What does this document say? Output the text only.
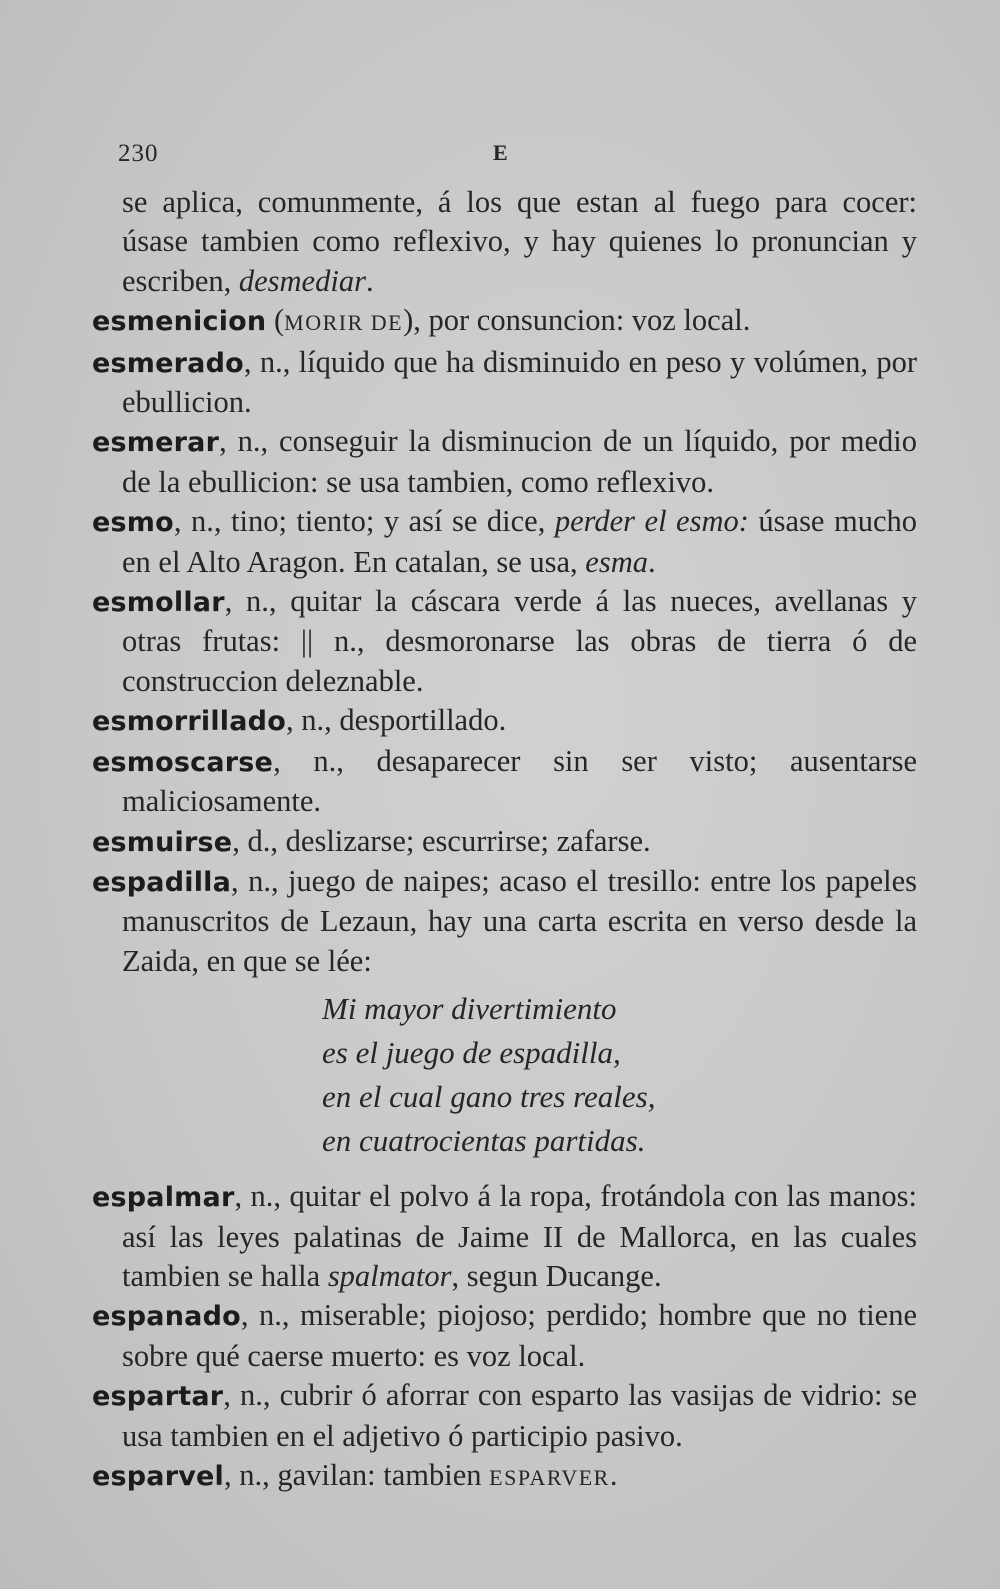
230	E
se aplica, comunmente, á los que estan al fuego para cocer: úsase tambien como reflexivo, y hay quienes lo pronuncian y escriben, desmediar.
esmenicion (MORIR DE), por consuncion: voz local.
esmerado, n., líquido que ha disminuido en peso y volúmen, por ebullicion.
esmerar, n., conseguir la disminucion de un líquido, por medio de la ebullicion: se usa tambien, como reflexivo.
esmo, n., tino; tiento; y así se dice, perder el esmo: úsase mucho en el Alto Aragon. En catalan, se usa, esma.
esmollar, n., quitar la cáscara verde á las nueces, avellanas y otras frutas: || n., desmoronarse las obras de tierra ó de construccion deleznable.
esmorrillado, n., desportillado.
esmoscarse, n., desaparecer sin ser visto; ausentarse maliciosamente.
esmuirse, d., deslizarse; escurrirse; zafarse.
espadilla, n., juego de naipes; acaso el tresillo: entre los papeles manuscritos de Lezaun, hay una carta escrita en verso desde la Zaida, en que se lée:
Mi mayor divertimiento
es el juego de espadilla,
en el cual gano tres reales,
en cuatrocientas partidas.
espalmar, n., quitar el polvo á la ropa, frotándola con las manos: así las leyes palatinas de Jaime II de Mallorca, en las cuales tambien se halla spalmator, segun Ducange.
espanado, n., miserable; piojoso; perdido; hombre que no tiene sobre qué caerse muerto: es voz local.
espartar, n., cubrir ó aforrar con esparto las vasijas de vidrio: se usa tambien en el adjetivo ó participio pasivo.
esparvel, n., gavilan: tambien ESPARVER.
